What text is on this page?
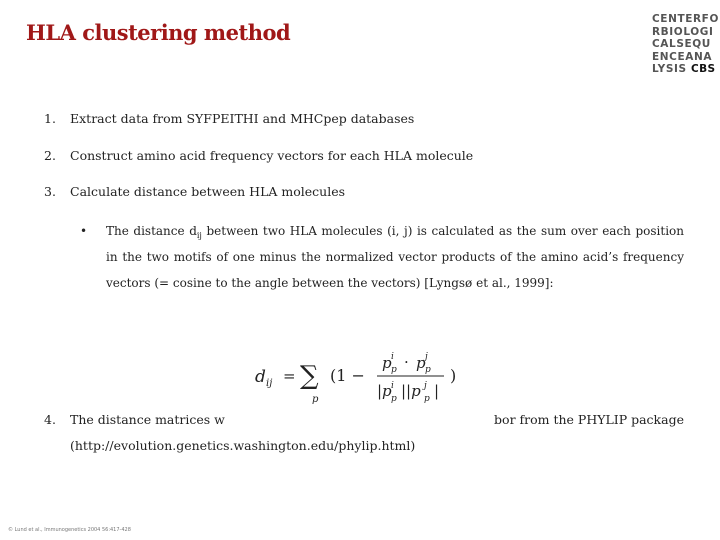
HLA clustering method
CENTERFO
RBIOLOGI
CALSEQU
ENCEANA
LYSIS CBS
1. Extract data from SYFPEITHI and MHCpep databases
2. Construct amino acid frequency vectors for each HLA molecule
3. Calculate distance between HLA molecules
• The distance $d_{ij}$ between two HLA molecules (i, j) is calculated as the sum over each position in the two motifs of one minus the normalized vector products of the amino acid’s frequency vectors (= cosine to the angle between the vectors) [Lyngsø et al., 1999]:
d ij = ∑
p
(1 −
p i
p · p j
p
|p i
p ||p j
p |
)
4. The distance matrices w	bor from the PHYLIP package
(http://evolution.genetics.washington.edu/phylip.html)
© Lund et al., Immunogenetics 2004 56:417-428
